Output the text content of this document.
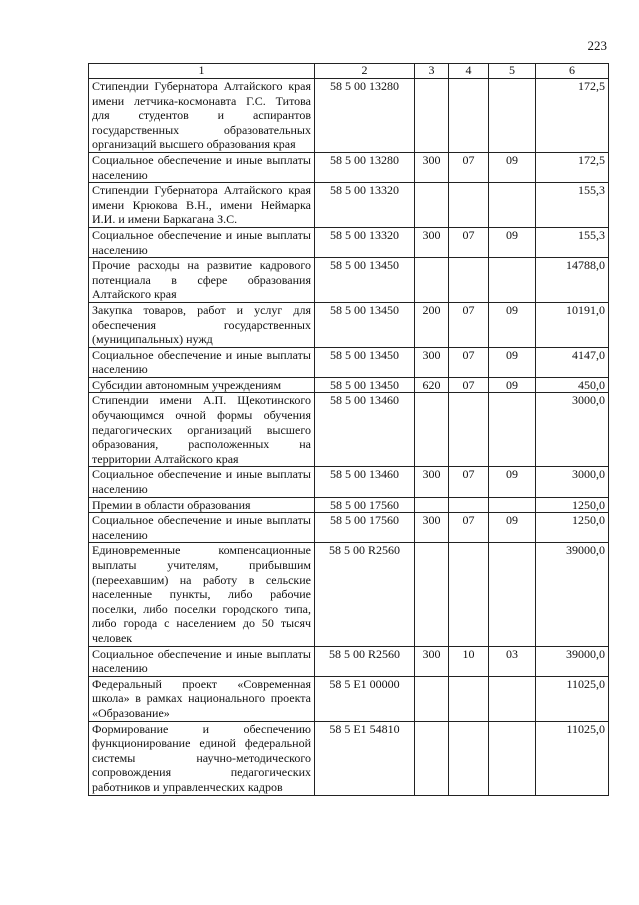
223
1	2	3	4	5	6
Стипендии Губернатора Алтайского края имени летчика-космонавта Г.С. Титова для студентов и аспирантов государственных образовательных организаций высшего образования края	58 5 00 13280				172,5
Социальное обеспечение и иные выплаты населению	58 5 00 13280	300	07	09	172,5
Стипендии Губернатора Алтайского края имени Крюкова В.Н., имени Неймарка И.И. и имени Баркагана З.С.	58 5 00 13320				155,3
Социальное обеспечение и иные выплаты населению	58 5 00 13320	300	07	09	155,3
Прочие расходы на развитие кадрового потенциала в сфере образования Алтайского края	58 5 00 13450				14788,0
Закупка товаров, работ и услуг для обеспечения государственных (муниципальных) нужд	58 5 00 13450	200	07	09	10191,0
Социальное обеспечение и иные выплаты населению	58 5 00 13450	300	07	09	4147,0
Субсидии автономным учреждениям	58 5 00 13450	620	07	09	450,0
Стипендии имени А.П. Щекотинского обучающимся очной формы обучения педагогических организаций высшего образования, расположенных на территории Алтайского края	58 5 00 13460				3000,0
Социальное обеспечение и иные выплаты населению	58 5 00 13460	300	07	09	3000,0
Премии в области образования	58 5 00 17560				1250,0
Социальное обеспечение и иные выплаты населению	58 5 00 17560	300	07	09	1250,0
Единовременные компенсационные выплаты учителям, прибывшим (переехавшим) на работу в сельские населенные пункты, либо рабочие поселки, либо поселки городского типа, либо города с населением до 50 тысяч человек	58 5 00 R2560				39000,0
Социальное обеспечение и иные выплаты населению	58 5 00 R2560	300	10	03	39000,0
Федеральный проект «Современная школа» в рамках национального проекта «Образование»	58 5 E1 00000				11025,0
Формирование и обеспечению функционирование единой федеральной системы научно-методического сопровождения педагогических работников и управленческих кадров	58 5 E1 54810				11025,0
